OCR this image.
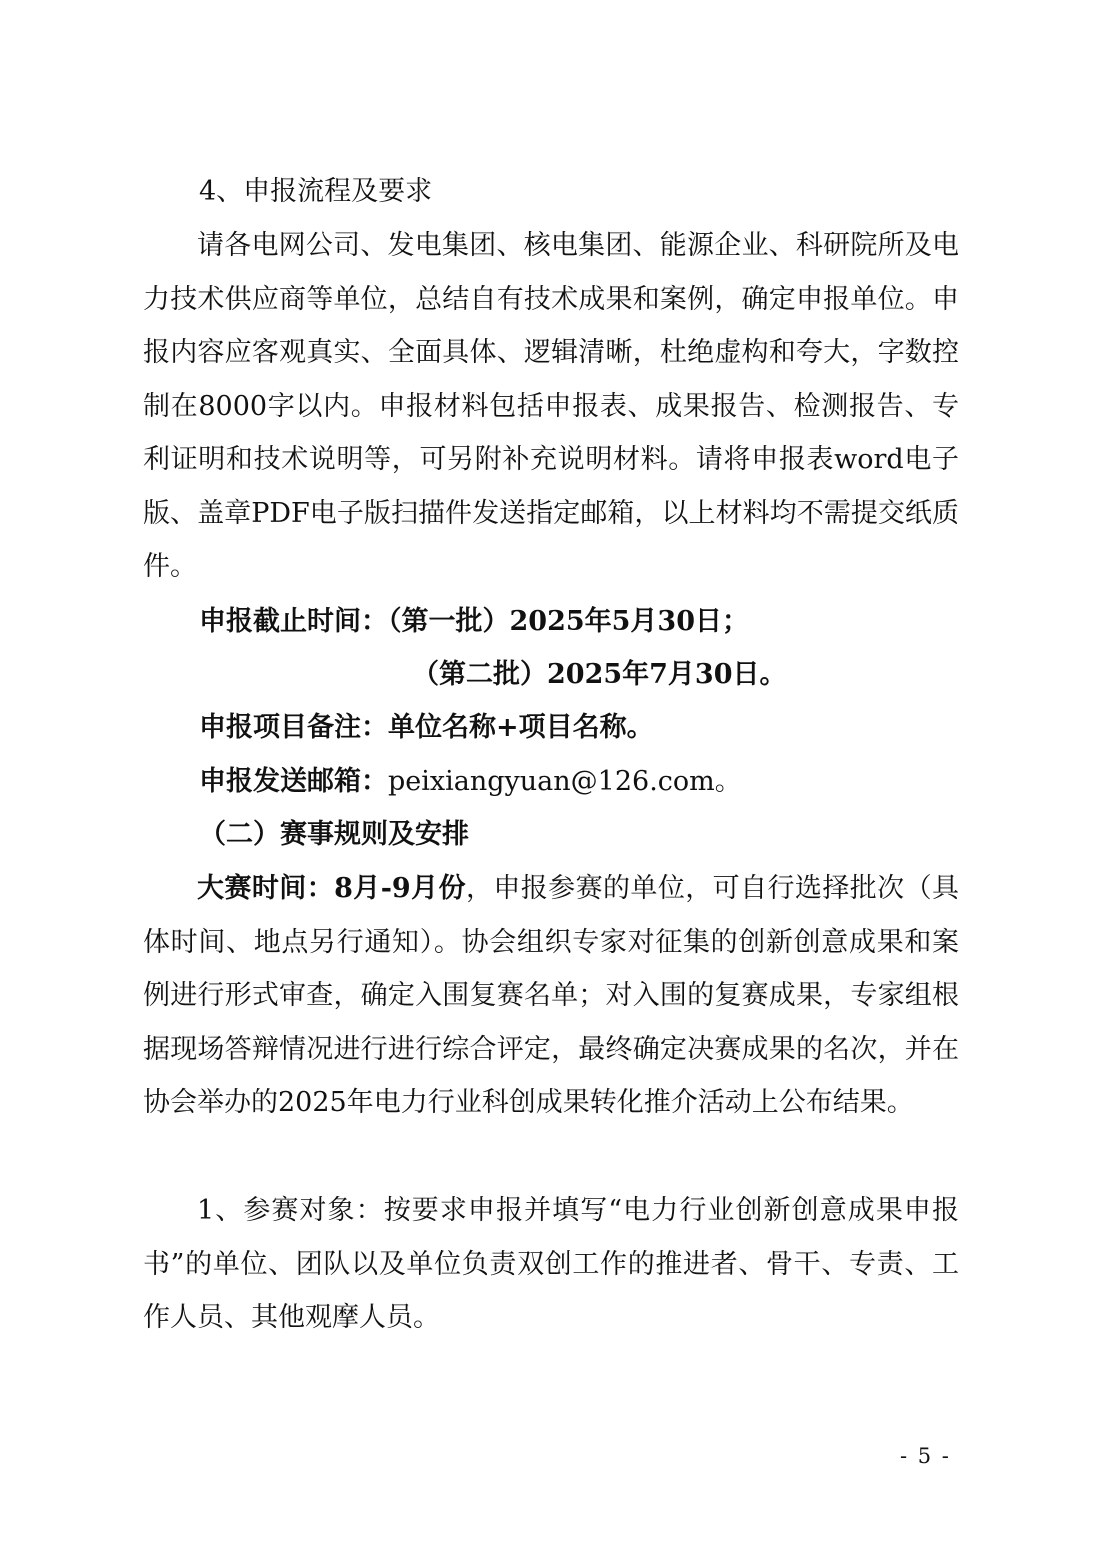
4、申报流程及要求

请各电网公司、发电集团、核电集团、能源企业、科研院所及电力技术供应商等单位，总结自有技术成果和案例，确定申报单位。申报内容应客观真实、全面具体、逻辑清晰，杜绝虚构和夸大，字数控制在8000字以内。申报材料包括申报表、成果报告、检测报告、专利证明和技术说明等，可另附补充说明材料。请将申报表word电子版、盖章PDF电子版扫描件发送指定邮箱，以上材料均不需提交纸质件。

申报截止时间：（第一批）2025年5月30日；

（第二批）2025年7月30日。

申报项目备注：单位名称+项目名称。

申报发送邮箱：peixiangyuan@126.com。

（二）赛事规则及安排

大赛时间：8月-9月份，申报参赛的单位，可自行选择批次（具体时间、地点另行通知）。协会组织专家对征集的创新创意成果和案例进行形式审查，确定入围复赛名单；对入围的复赛成果，专家组根据现场答辩情况进行进行综合评定，最终确定决赛成果的名次，并在协会举办的2025年电力行业科创成果转化推介活动上公布结果。

1、参赛对象：按要求申报并填写“电力行业创新创意成果申报书”的单位、团队以及单位负责双创工作的推进者、骨干、专责、工作人员、其他观摩人员。

- 5 -
